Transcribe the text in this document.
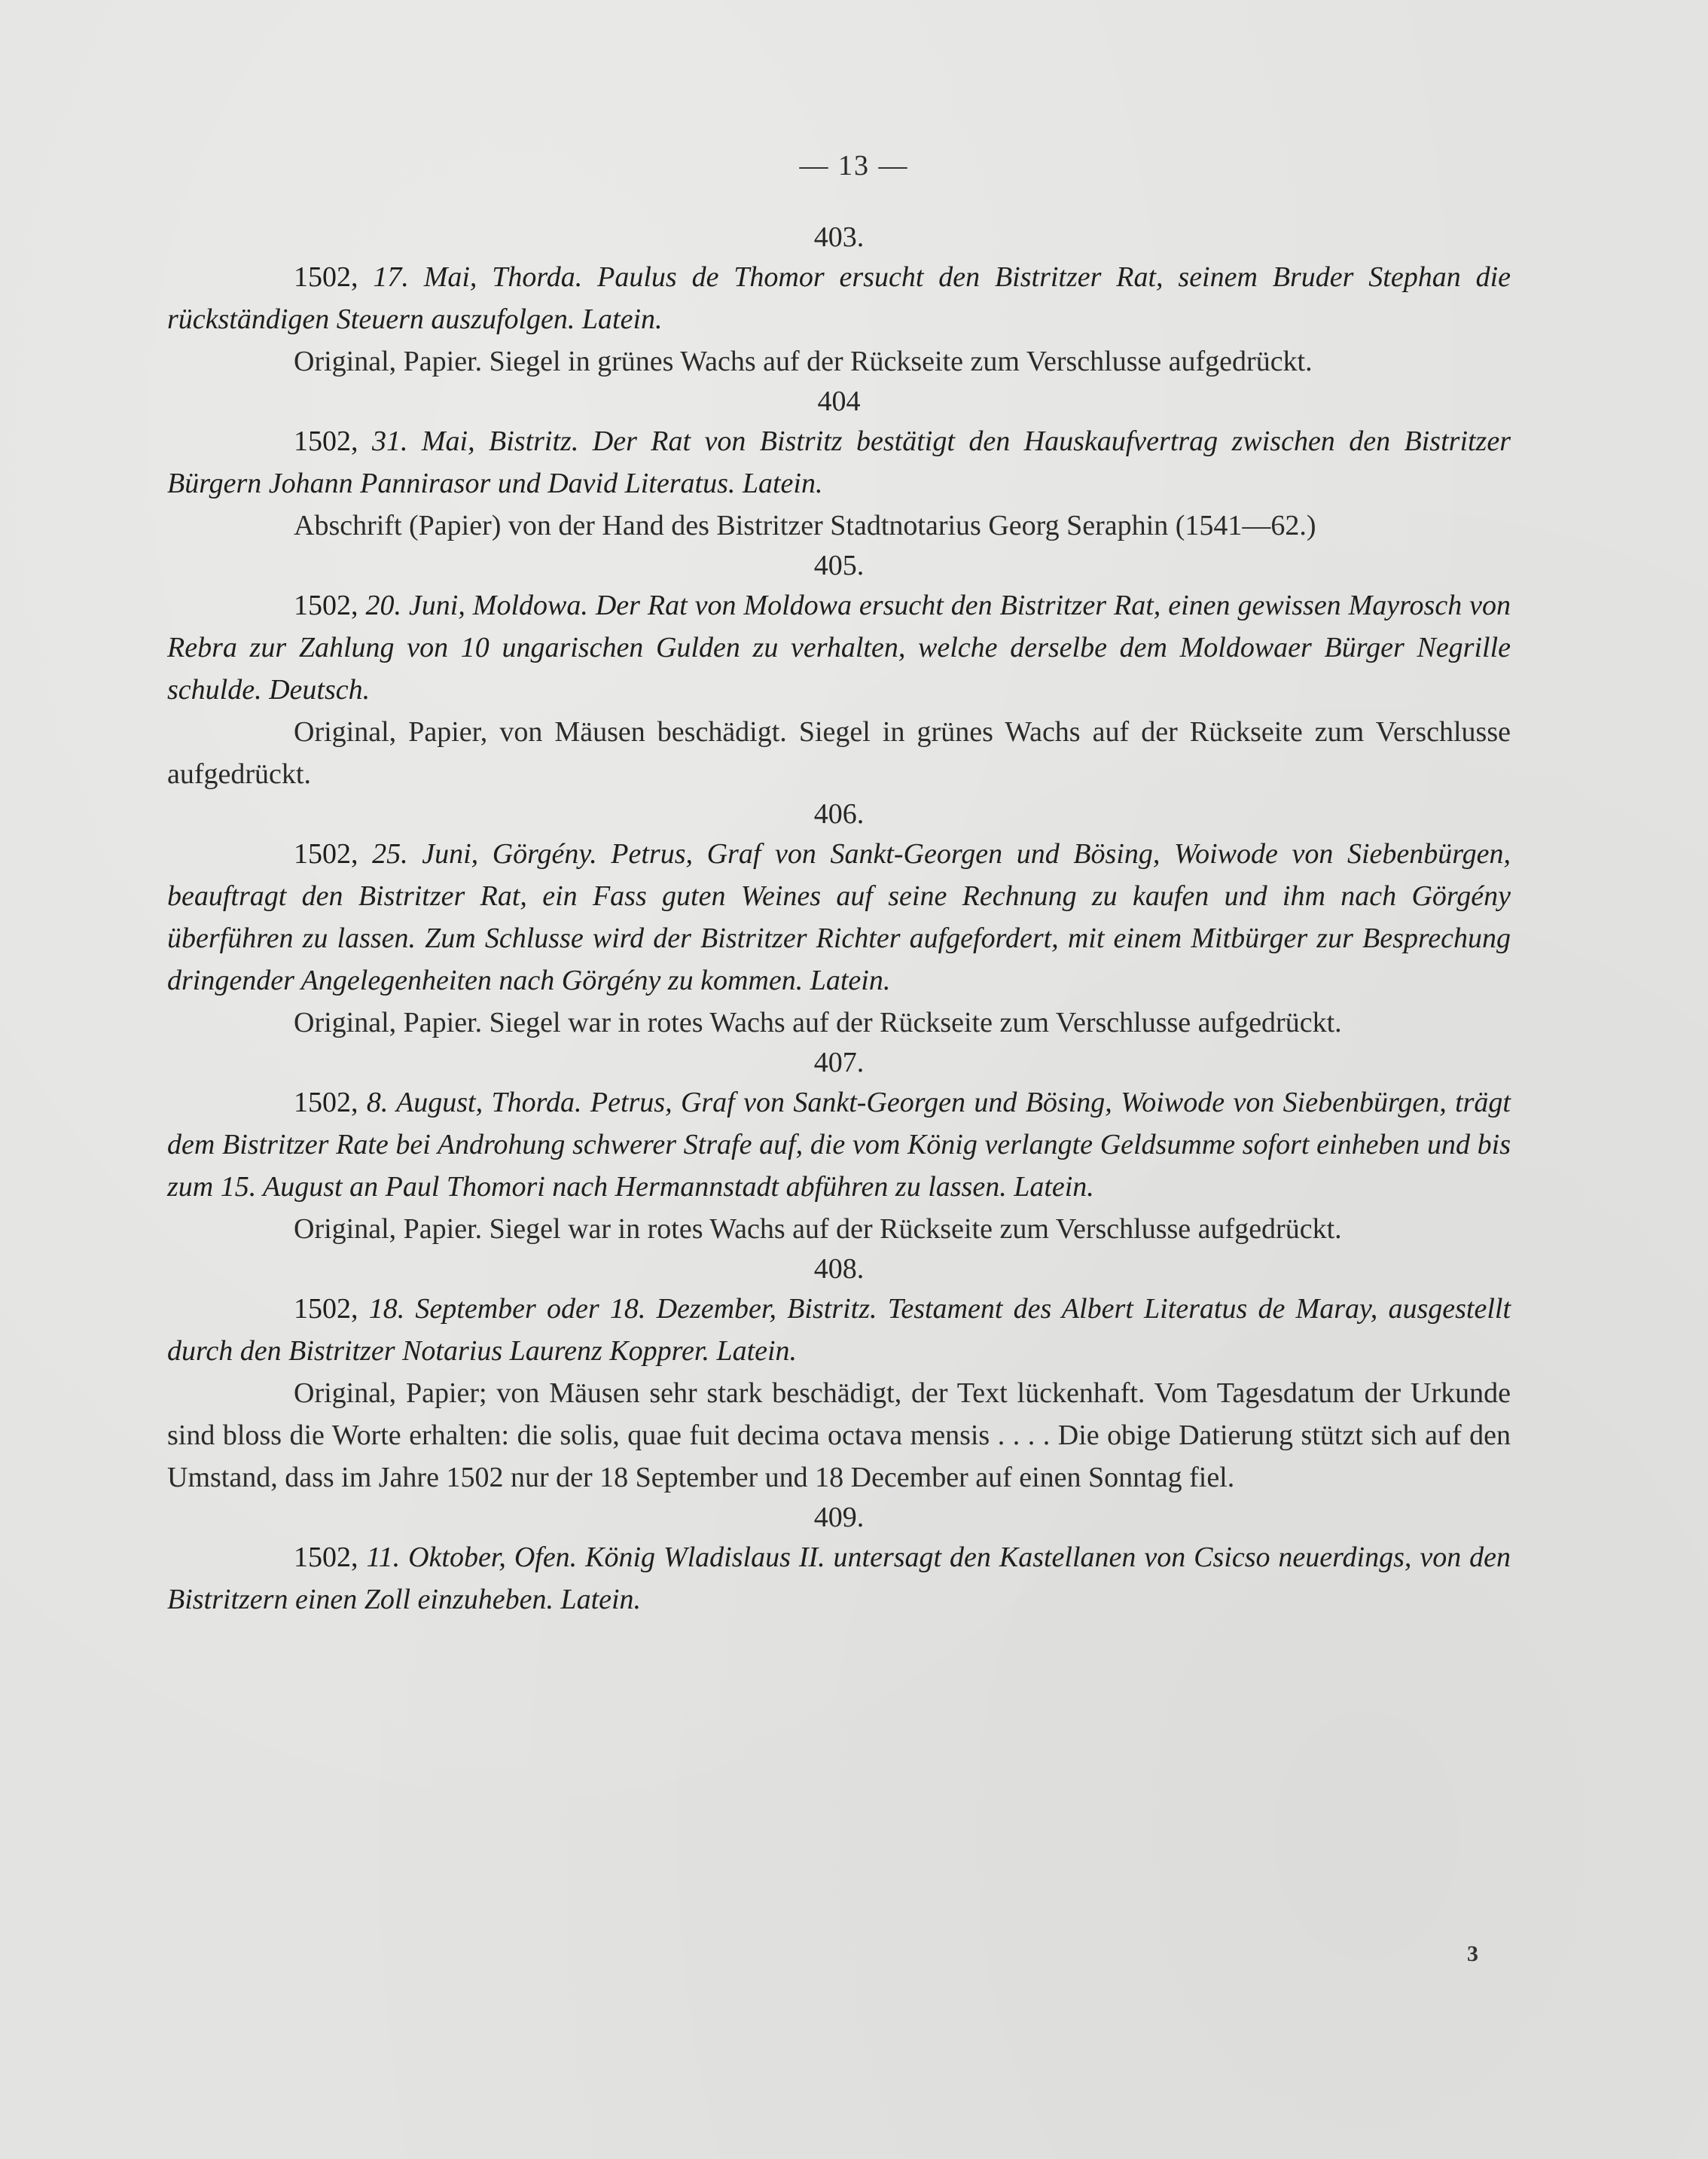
— 13 —

403.

1502, 17. Mai, Thorda. Paulus de Thomor ersucht den Bistritzer Rat, seinem Bruder Stephan die rückständigen Steuern auszufolgen. Latein.

Original, Papier. Siegel in grünes Wachs auf der Rückseite zum Verschlusse aufgedrückt.

404

1502, 31. Mai, Bistritz. Der Rat von Bistritz bestätigt den Hauskaufvertrag zwischen den Bistritzer Bürgern Johann Pannirasor und David Literatus. Latein.

Abschrift (Papier) von der Hand des Bistritzer Stadtnotarius Georg Seraphin (1541—62.)

405.

1502, 20. Juni, Moldowa. Der Rat von Moldowa ersucht den Bistritzer Rat, einen gewissen Mayrosch von Rebra zur Zahlung von 10 ungarischen Gulden zu verhalten, welche derselbe dem Moldowaer Bürger Negrille schulde. Deutsch.

Original, Papier, von Mäusen beschädigt. Siegel in grünes Wachs auf der Rückseite zum Verschlusse aufgedrückt.

406.

1502, 25. Juni, Görgény. Petrus, Graf von Sankt-Georgen und Bösing, Woiwode von Siebenbürgen, beauftragt den Bistritzer Rat, ein Fass guten Weines auf seine Rechnung zu kaufen und ihm nach Görgény überführen zu lassen. Zum Schlusse wird der Bistritzer Richter aufgefordert, mit einem Mitbürger zur Besprechung dringender Angelegenheiten nach Görgény zu kommen. Latein.

Original, Papier. Siegel war in rotes Wachs auf der Rückseite zum Verschlusse aufgedrückt.

407.

1502, 8. August, Thorda. Petrus, Graf von Sankt-Georgen und Bösing, Woiwode von Siebenbürgen, trägt dem Bistritzer Rate bei Androhung schwerer Strafe auf, die vom König verlangte Geldsumme sofort einheben und bis zum 15. August an Paul Thomori nach Hermannstadt abführen zu lassen. Latein.

Original, Papier. Siegel war in rotes Wachs auf der Rückseite zum Verschlusse aufgedrückt.

408.

1502, 18. September oder 18. Dezember, Bistritz. Testament des Albert Literatus de Maray, ausgestellt durch den Bistritzer Notarius Laurenz Kopprer. Latein.

Original, Papier; von Mäusen sehr stark beschädigt, der Text lückenhaft. Vom Tagesdatum der Urkunde sind bloss die Worte erhalten: die solis, quae fuit decima octava mensis . . . . Die obige Datierung stützt sich auf den Umstand, dass im Jahre 1502 nur der 18 September und 18 December auf einen Sonntag fiel.

409.

1502, 11. Oktober, Ofen. König Wladislaus II. untersagt den Kastellanen von Csicso neuerdings, von den Bistritzern einen Zoll einzuheben. Latein.

3
